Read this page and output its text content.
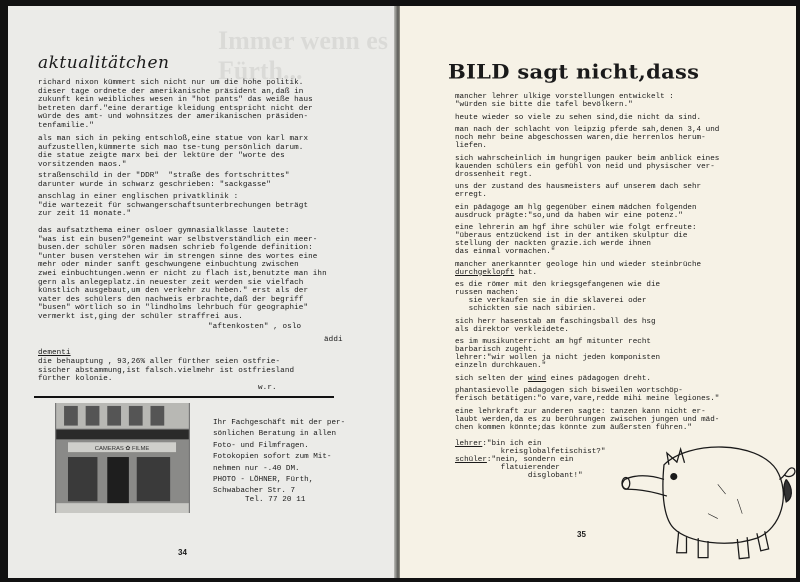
Immer wenn es Fürth...
aktualitätchen
richard nixon kümmert sich nicht nur um die hohe politik.
dieser tage ordnete der amerikanische präsident an,daß in
zukunft kein weibliches wesen in "hot pants" das weiße haus
betreten darf."eine derartige kleidung entspricht nicht der
würde des amt- und wohnsitzes der amerikanischen präsiden-
tenfamilie."
als man sich in peking entschloß,eine statue von karl marx
aufzustellen,kümmerte sich mao tse-tung persönlich darum.
die statue zeigte marx bei der lektüre der "worte des
vorsitzenden maos."
straßenschild in der "DDR"  "straße des fortschrittes"
darunter wurde in schwarz geschrieben: "sackgasse"
anschlag in einer englischen privatklinik :
"die wartezeit für schwangerschaftsunterbrechungen beträgt
zur zeit 11 monate."
das aufsatzthema einer osloer gymnasialklasse lautete:
"was ist ein busen?"gemeint war selbstverständlich ein meer-
busen.der schüler sören madsen schrieb folgende definition:
"unter busen verstehen wir im strengen sinne des wortes eine
mehr oder minder sanft geschwungene einbuchtung zwischen
zwei einbuchtungen.wenn er nicht zu flach ist,benutzte man ihn
gern als anlegeplatz.in neuester zeit werden sie vielfach
künstlich ausgebaut,um den verkehr zu heben." erst als der
vater des schülers den nachweis erbrachte,daß der begriff
"busen" wörtlich so in "lindholms lehrbuch für geographie"
vermerkt ist,ging der schüler straffrei aus.
"aftenkosten" , oslo
äddi
dementi
die behauptung , 93,26% aller fürther seien ostfrie-
sischer abstammung,ist falsch.vielmehr ist ostfriesland
fürther kolonie.
w.r.
CAMERAS ✿ FILME
Ihr Fachgeschäft mit der per-
sönlichen Beratung in allen
Foto- und Filmfragen.
Fotokopien sofort zum Mit-
nehmen nur -.40 DM.
PHOTO - LÖHNER, Fürth,
Schwabacher Str. 7
Tel. 77 20 11
34
BILD sagt nicht,dass
mancher lehrer ulkige vorstellungen entwickelt :
"würden sie bitte die tafel bevölkern."
heute wieder so viele zu sehen sind,die nicht da sind.
man nach der schlacht von leipzig pferde sah,denen 3,4 und
noch mehr beine abgeschossen waren,die herrenlos herum-
liefen.
sich wahrscheinlich im hungrigen pauker beim anblick eines
kauenden schülers ein gefühl von neid und physischer ver-
drossenheit regt.
uns der zustand des hausmeisters auf unserem dach sehr
erregt.
ein pädagoge am hlg gegenüber einem mädchen folgenden
ausdruck prägte:"so,und da haben wir eine potenz."
eine lehrerin am hgf ihre schüler wie folgt erfreute:
"überaus entzückend ist in der antiken skulptur die
stellung der nackten grazie.ich werde ihnen
das einmal vormachen."
mancher anerkannter geologe hin und wieder steinbrüche
durchgeklopft hat.
es die römer mit den kriegsgefangenen wie die
russen machen:
sie verkaufen sie in die sklaverei oder
schickten sie nach sibirien.
sich herr hasenstab am faschingsball des hsg
als direktor verkleidete.
es im musikunterricht am hgf mitunter recht
barbarisch zugeht.
lehrer:"wir wollen ja nicht jeden komponisten
einzeln durchkauen."
sich selten der wind eines pädagogen dreht.
phantasievolle pädagogen sich bisweilen wortschöp-
ferisch betätigen:"o vare,vare,redde mihi meine legiones."
eine lehrkraft zur anderen sagte: tanzen kann nicht er-
laubt werden,da es zu berührungen zwischen jungen und mäd-
chen kommen könnte;das könnte zum äußersten führen."
lehrer:"bin ich ein
kreisglobalfetischist?"
schüler:"nein, sondern ein
flatuierender
disglobant!"
35
